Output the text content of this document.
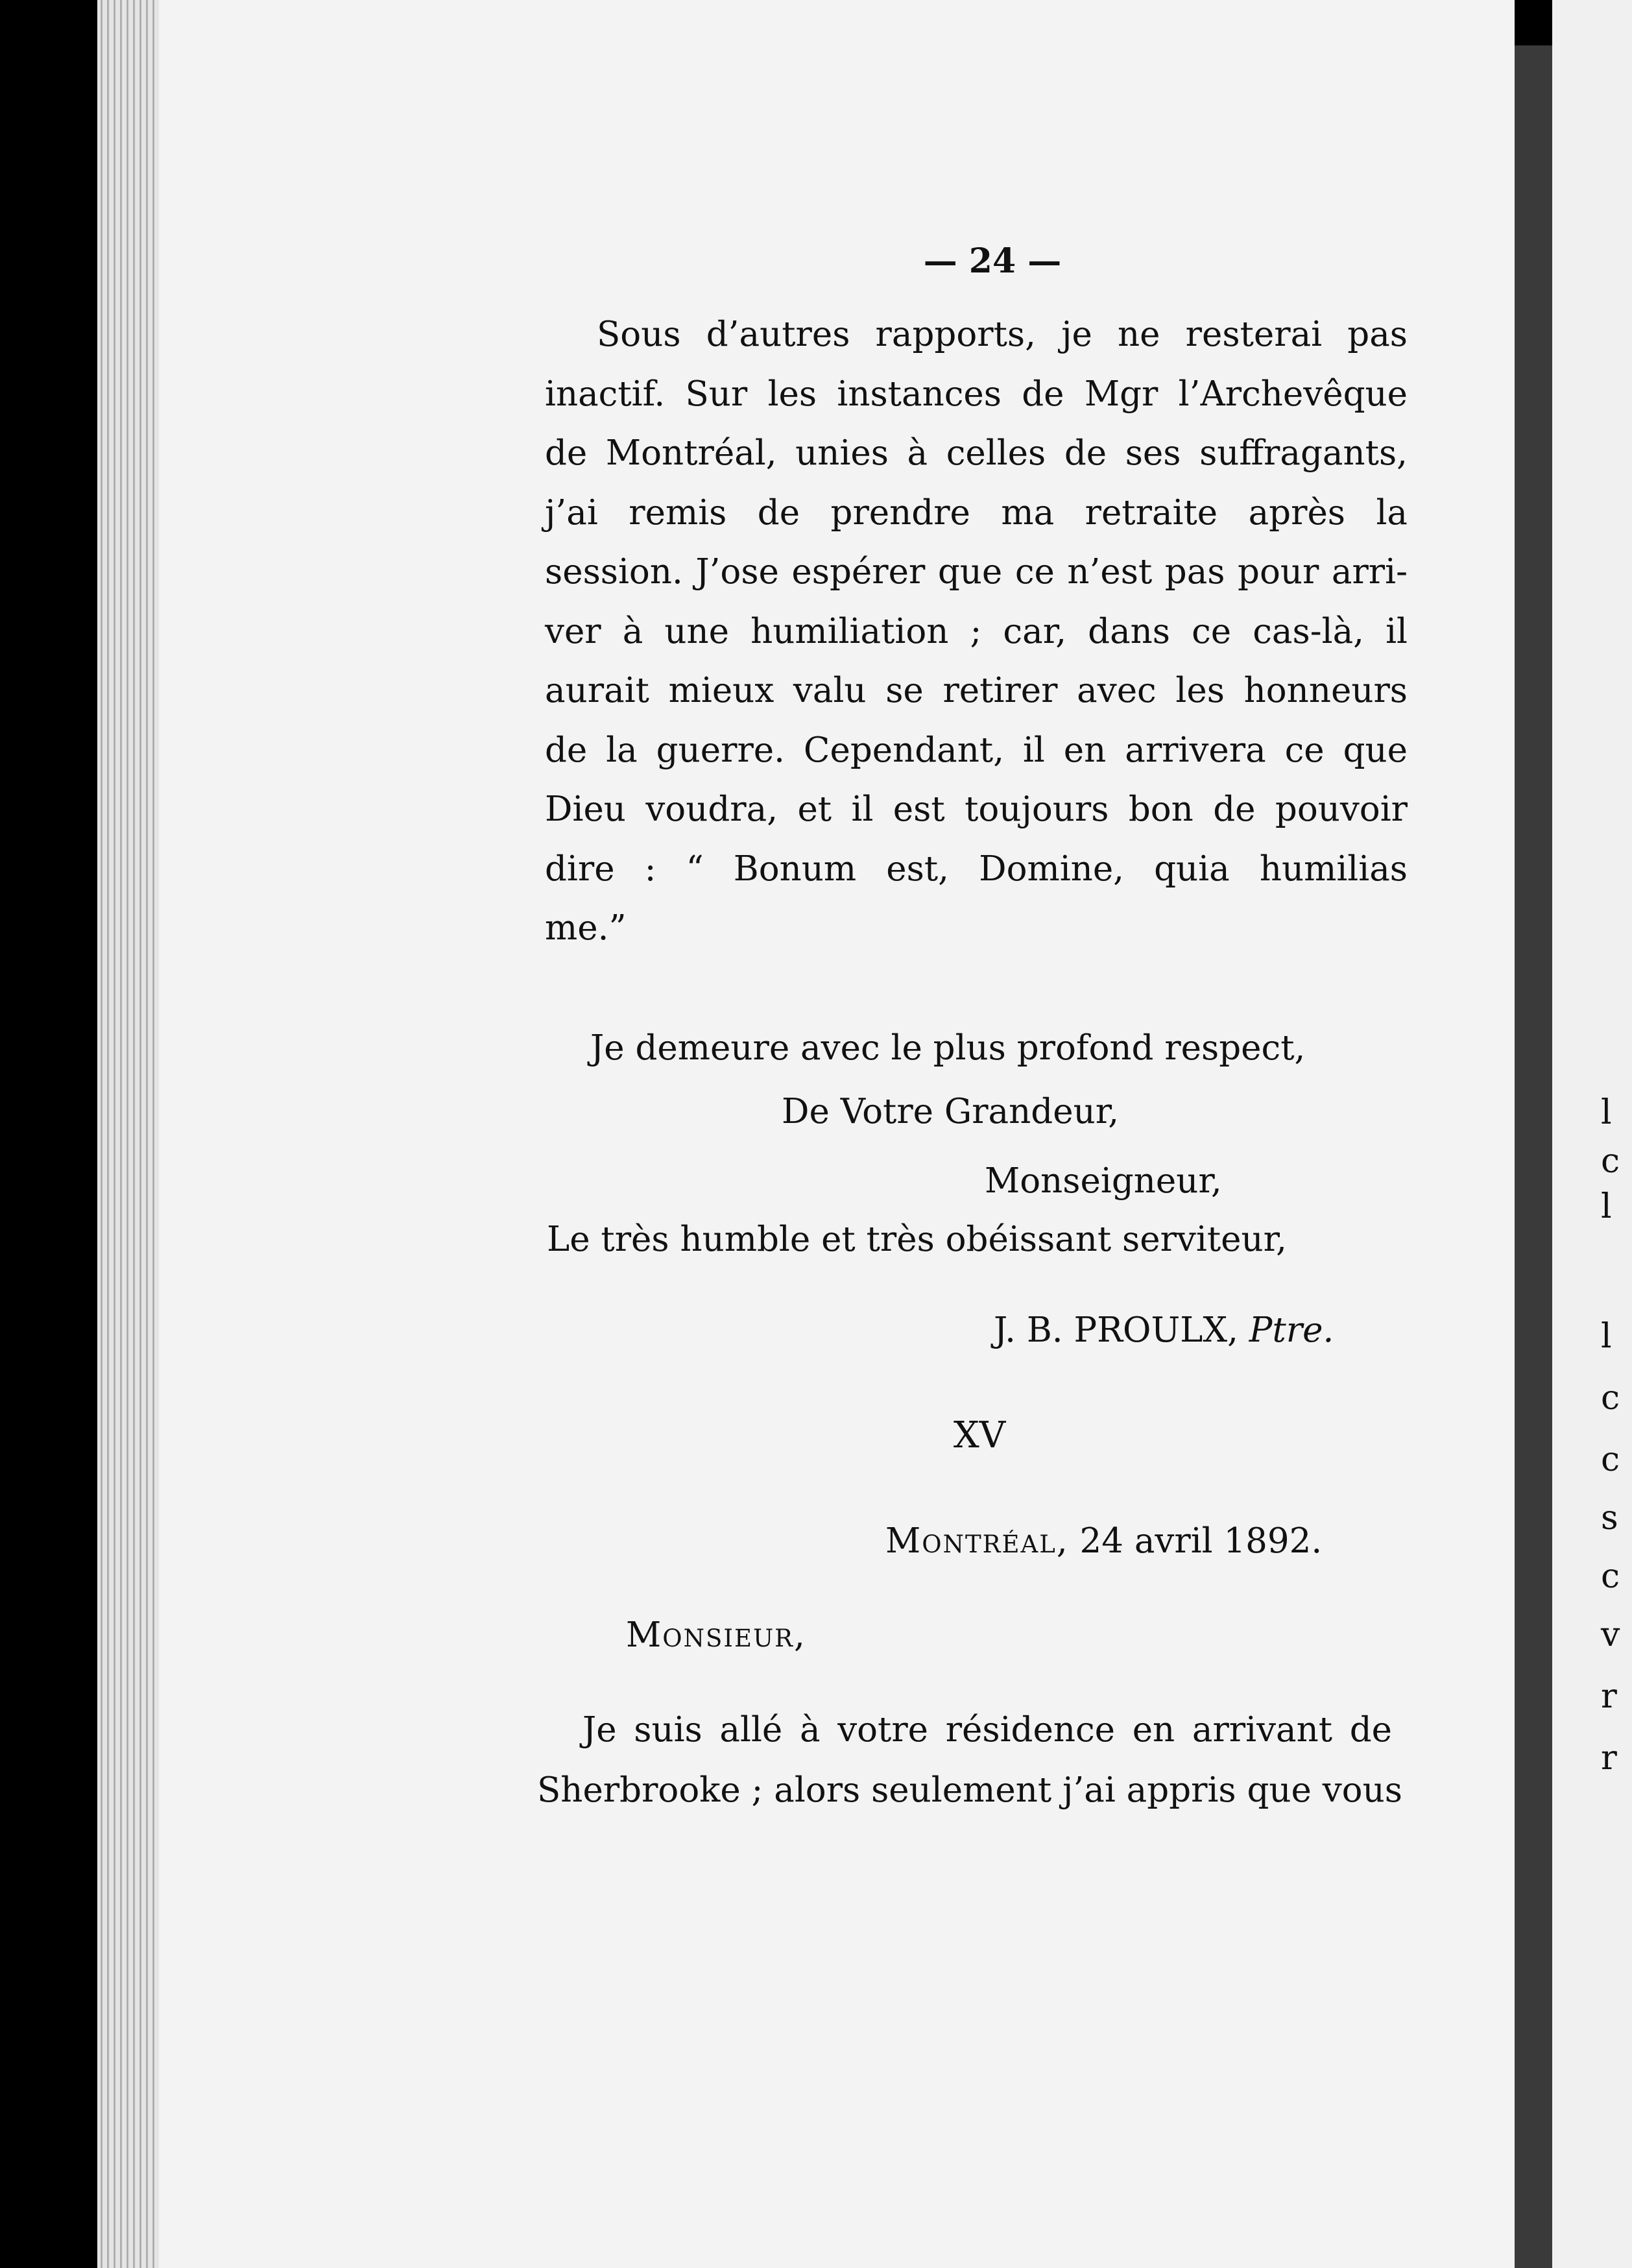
— 24 —
Sous d’autres rapports, je ne resterai pas
inactif. Sur les instances de Mgr l’Archevêque
de Montréal, unies à celles de ses suffragants,
j’ai remis de prendre ma retraite après la
session. J’ose espérer que ce n’est pas pour arri-
ver à une humiliation ; car, dans ce cas-là, il
aurait mieux valu se retirer avec les honneurs
de la guerre. Cependant, il en arrivera ce que
Dieu voudra, et il est toujours bon de pouvoir
dire : “ Bonum est, Domine, quia humilias
me.”
Je demeure avec le plus profond respect,
De Votre Grandeur,
Monseigneur,
Le très humble et très obéissant serviteur,
J. B. PROULX, Ptre.
XV
Montréal, 24 avril 1892.
Monsieur,
Je suis allé à votre résidence en arrivant de
Sherbrooke ; alors seulement j’ai appris que vous
l
c
l
l
c
c
s
c
v
r
r
